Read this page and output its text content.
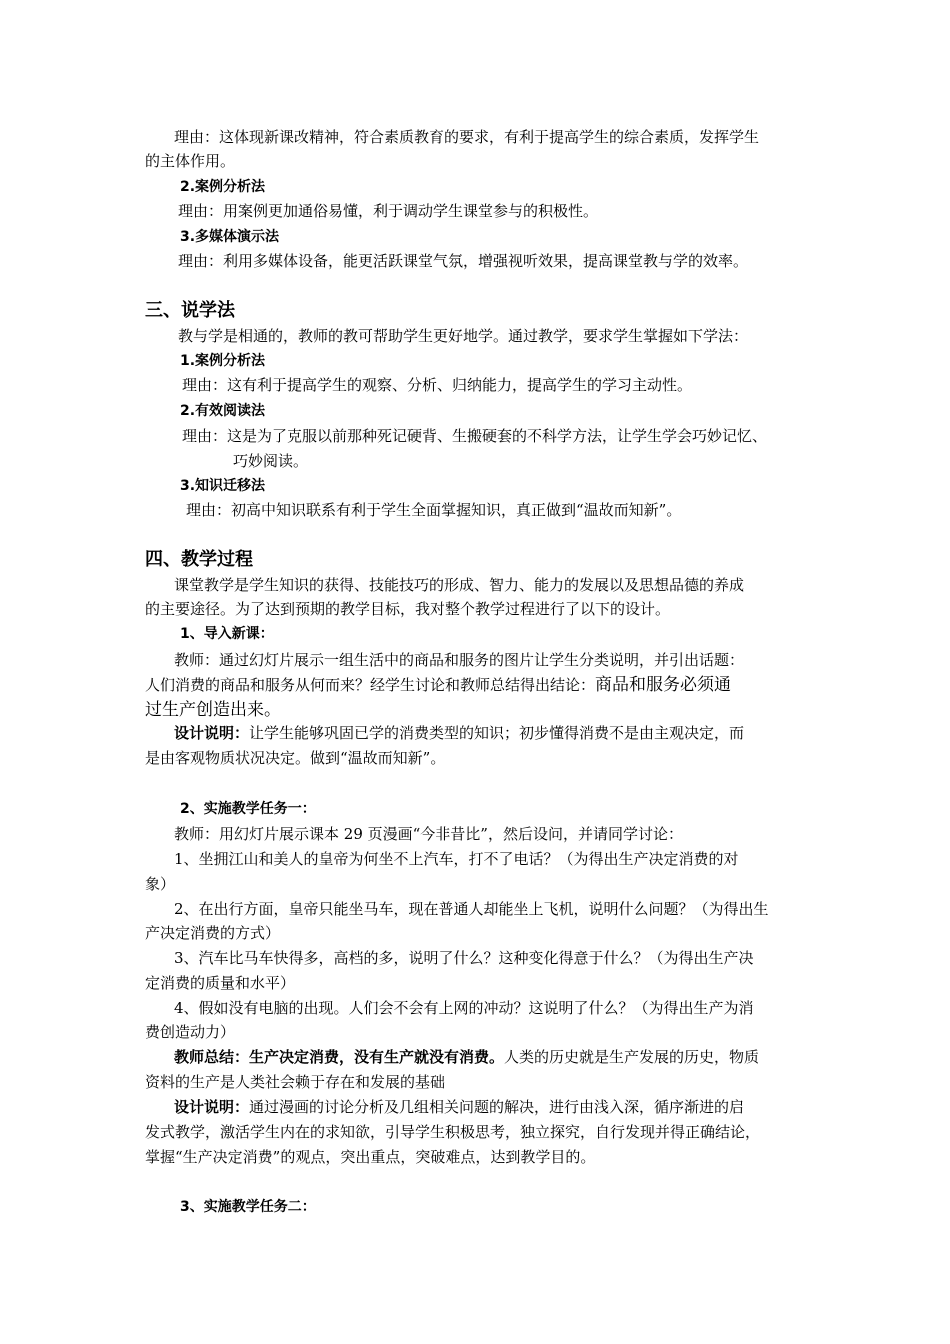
理由：这体现新课改精神，符合素质教育的要求，有利于提高学生的综合素质，发挥学生
的主体作用。
2.案例分析法
理由：用案例更加通俗易懂，利于调动学生课堂参与的积极性。
3.多媒体演示法
理由：利用多媒体设备，能更活跃课堂气氛，增强视听效果，提高课堂教与学的效率。
三、说学法
教与学是相通的，教师的教可帮助学生更好地学。通过教学，要求学生掌握如下学法：
1.案例分析法
理由：这有利于提高学生的观察、分析、归纳能力，提高学生的学习主动性。
2.有效阅读法
理由：这是为了克服以前那种死记硬背、生搬硬套的不科学方法，让学生学会巧妙记忆、
巧妙阅读。
3.知识迁移法
理由：初高中知识联系有利于学生全面掌握知识，真正做到“温故而知新”。
四、教学过程
课堂教学是学生知识的获得、技能技巧的形成、智力、能力的发展以及思想品德的养成
的主要途径。为了达到预期的教学目标，我对整个教学过程进行了以下的设计。
1、导入新课：
教师：通过幻灯片展示一组生活中的商品和服务的图片让学生分类说明，并引出话题：
人们消费的商品和服务从何而来？经学生讨论和教师总结得出结论：商品和服务必须通
过生产创造出来。
设计说明：让学生能够巩固已学的消费类型的知识；初步懂得消费不是由主观决定，而
是由客观物质状况决定。做到“温故而知新”。
2、实施教学任务一：
教师：用幻灯片展示课本 29 页漫画“今非昔比”，然后设问，并请同学讨论：
1、坐拥江山和美人的皇帝为何坐不上汽车，打不了电话？（为得出生产决定消费的对
象）
2、在出行方面，皇帝只能坐马车，现在普通人却能坐上飞机，说明什么问题？（为得出生
产决定消费的方式）
3、汽车比马车快得多，高档的多，说明了什么？这种变化得意于什么？（为得出生产决
定消费的质量和水平）
4、假如没有电脑的出现。人们会不会有上网的冲动？这说明了什么？（为得出生产为消
费创造动力）
教师总结：生产决定消费，没有生产就没有消费。人类的历史就是生产发展的历史，物质
资料的生产是人类社会赖于存在和发展的基础
设计说明：通过漫画的讨论分析及几组相关问题的解决，进行由浅入深，循序渐进的启
发式教学，激活学生内在的求知欲，引导学生积极思考，独立探究，自行发现并得正确结论，
掌握“生产决定消费”的观点，突出重点，突破难点，达到教学目的。
3、实施教学任务二：
